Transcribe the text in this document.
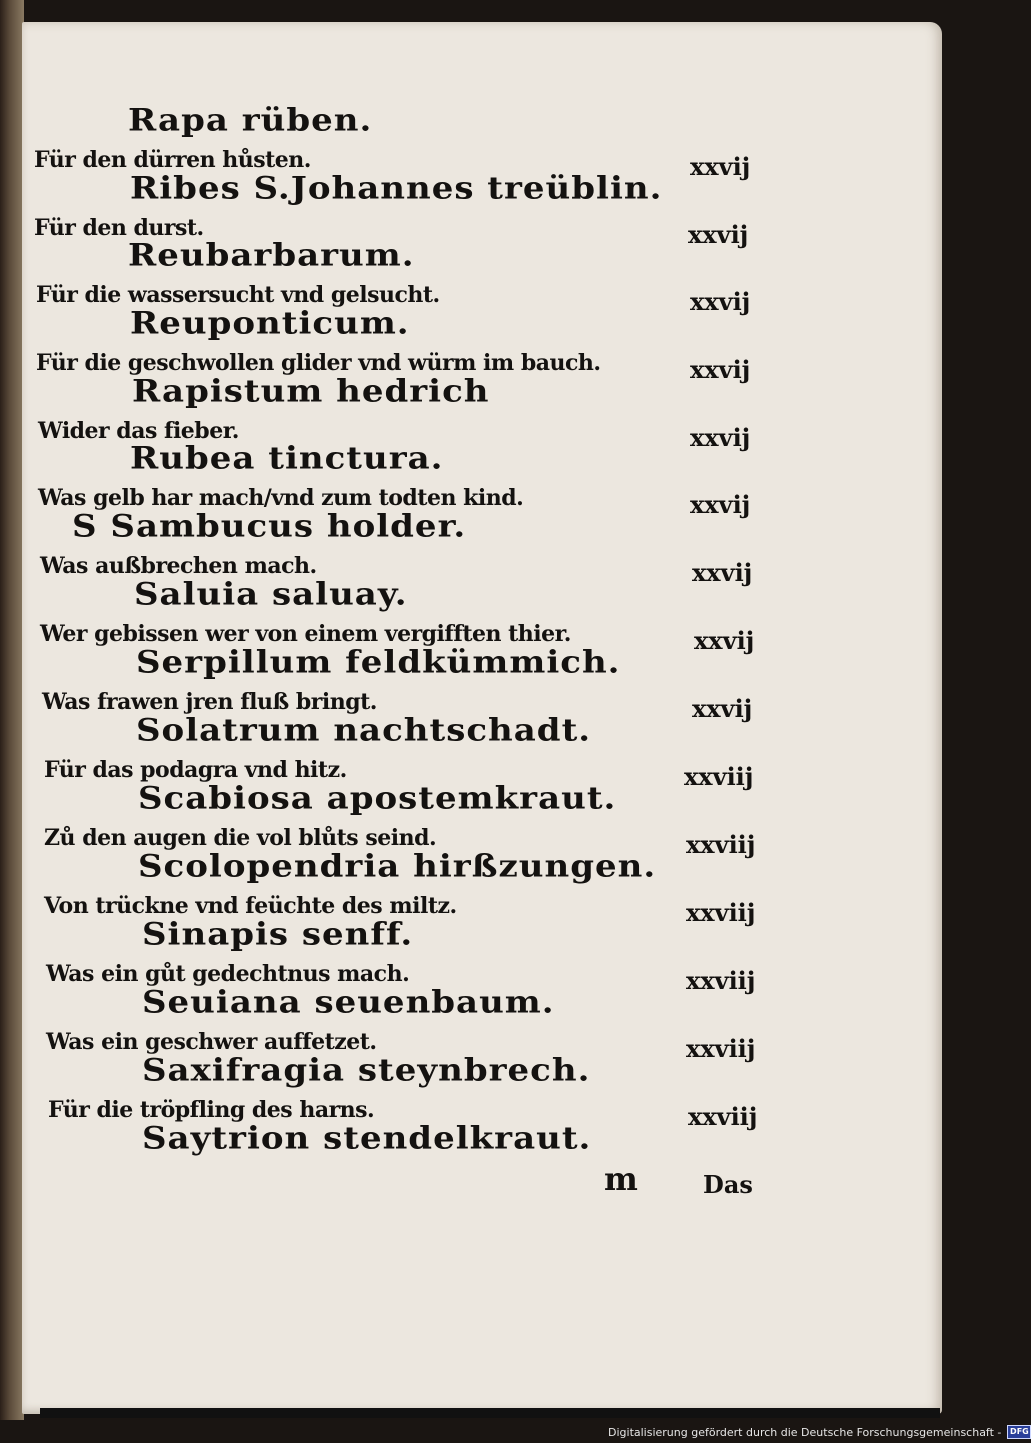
Rapa rüben.
Für den dürren hůsten.	xxvij
Ribes S.Johannes treüblin.
Für den durst.	xxvij
Reubarbarum.
Für die wassersucht vnd gelsucht.	xxvij
Reuponticum.
Für die geschwollen glider vnd würm im bauch.	xxvij
Rapistum hedrich
Wider das fieber.	xxvij
Rubea tinctura.
Was gelb har mach/vnd zum todten kind.	xxvij
S Sambucus holder.
Was außbrechen mach.	xxvij
Saluia saluay.
Wer gebissen wer von einem vergifften thier.	xxvij
Serpillum feldkümmich.
Was frawen jren fluß bringt.	xxvij
Solatrum nachtschadt.
Für das podagra vnd hitz.	xxviij
Scabiosa apostemkraut.
Zů den augen die vol blůts seind.	xxviij
Scolopendria hirßzungen.
Von trückne vnd feüchte des miltz.	xxviij
Sinapis senff.
Was ein gůt gedechtnus mach.	xxviij
Seuiana seuenbaum.
Was ein geschwer auffetzet.	xxviij
Saxifragia steynbrech.
Für die tröpfling des harns.	xxviij
Saytrion stendelkraut.
m	Das
Digitalisierung gefördert durch die Deutsche Forschungsgemeinschaft -	DFG
